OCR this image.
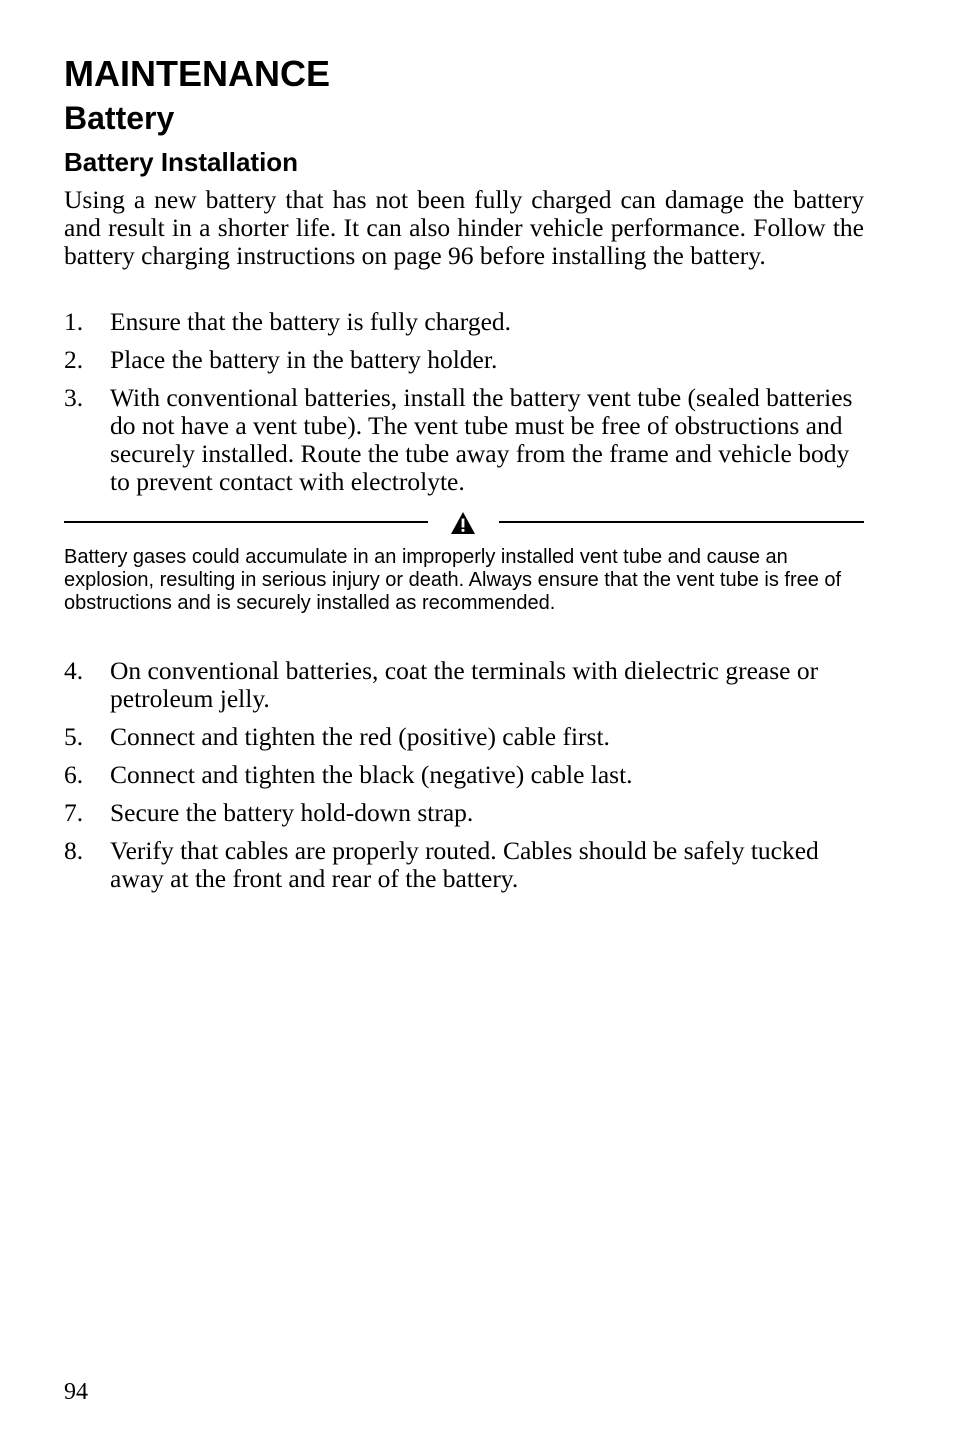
MAINTENANCE
Battery
Battery Installation

Using a new battery that has not been fully charged can damage the battery and result in a shorter life. It can also hinder vehicle performance. Follow the battery charging instructions on page 96 before installing the battery.

1. Ensure that the battery is fully charged.
2. Place the battery in the battery holder.
3. With conventional batteries, install the battery vent tube (sealed batteries do not have a vent tube). The vent tube must be free of obstructions and securely installed. Route the tube away from the frame and vehicle body to prevent contact with electrolyte.

Battery gases could accumulate in an improperly installed vent tube and cause an explosion, resulting in serious injury or death. Always ensure that the vent tube is free of obstructions and is securely installed as recommended.

4. On conventional batteries, coat the terminals with dielectric grease or petroleum jelly.
5. Connect and tighten the red (positive) cable first.
6. Connect and tighten the black (negative) cable last.
7. Secure the battery hold-down strap.
8. Verify that cables are properly routed. Cables should be safely tucked away at the front and rear of the battery.

94
